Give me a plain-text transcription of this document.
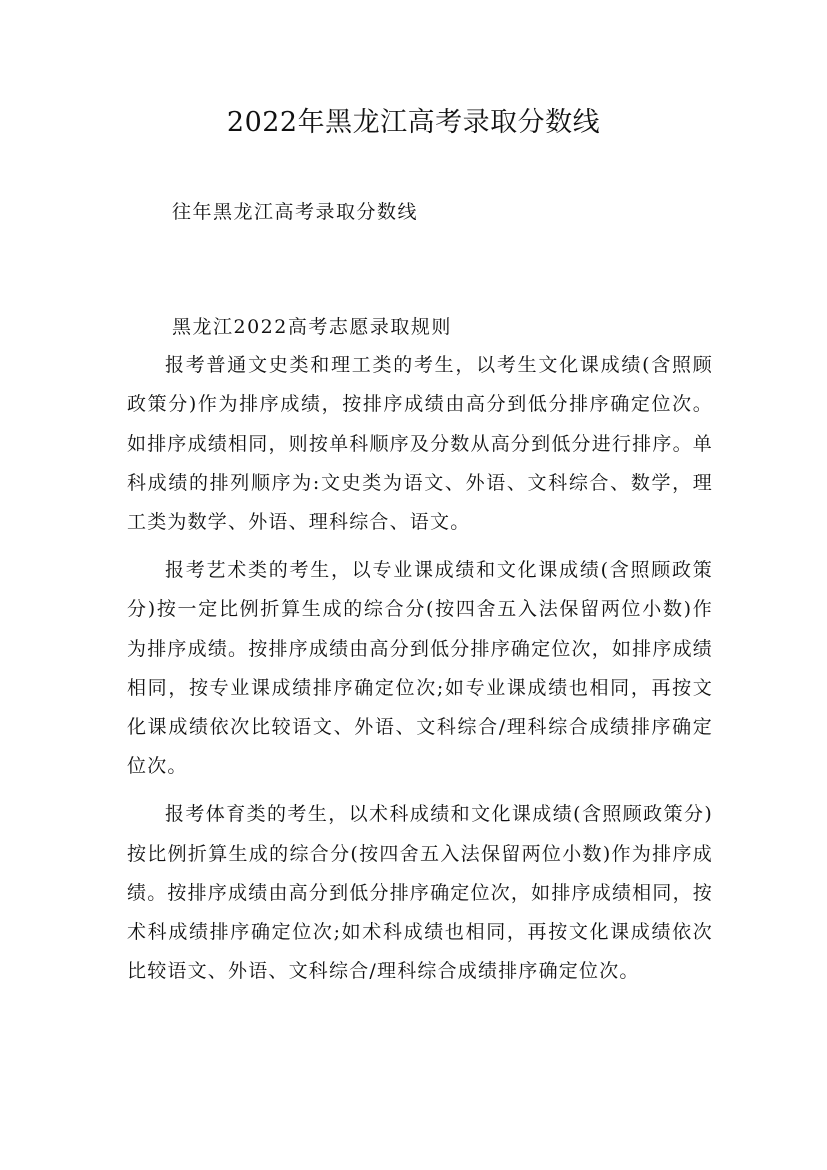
2022年黑龙江高考录取分数线
往年黑龙江高考录取分数线
黑龙江2022高考志愿录取规则

报考普通文史类和理工类的考生，以考生文化课成绩(含照顾政策分)作为排序成绩，按排序成绩由高分到低分排序确定位次。如排序成绩相同，则按单科顺序及分数从高分到低分进行排序。单科成绩的排列顺序为:文史类为语文、外语、文科综合、数学，理工类为数学、外语、理科综合、语文。

报考艺术类的考生，以专业课成绩和文化课成绩(含照顾政策分)按一定比例折算生成的综合分(按四舍五入法保留两位小数)作为排序成绩。按排序成绩由高分到低分排序确定位次，如排序成绩相同，按专业课成绩排序确定位次;如专业课成绩也相同，再按文化课成绩依次比较语文、外语、文科综合/理科综合成绩排序确定位次。

报考体育类的考生，以术科成绩和文化课成绩(含照顾政策分)按比例折算生成的综合分(按四舍五入法保留两位小数)作为排序成绩。按排序成绩由高分到低分排序确定位次，如排序成绩相同，按术科成绩排序确定位次;如术科成绩也相同，再按文化课成绩依次比较语文、外语、文科综合/理科综合成绩排序确定位次。
